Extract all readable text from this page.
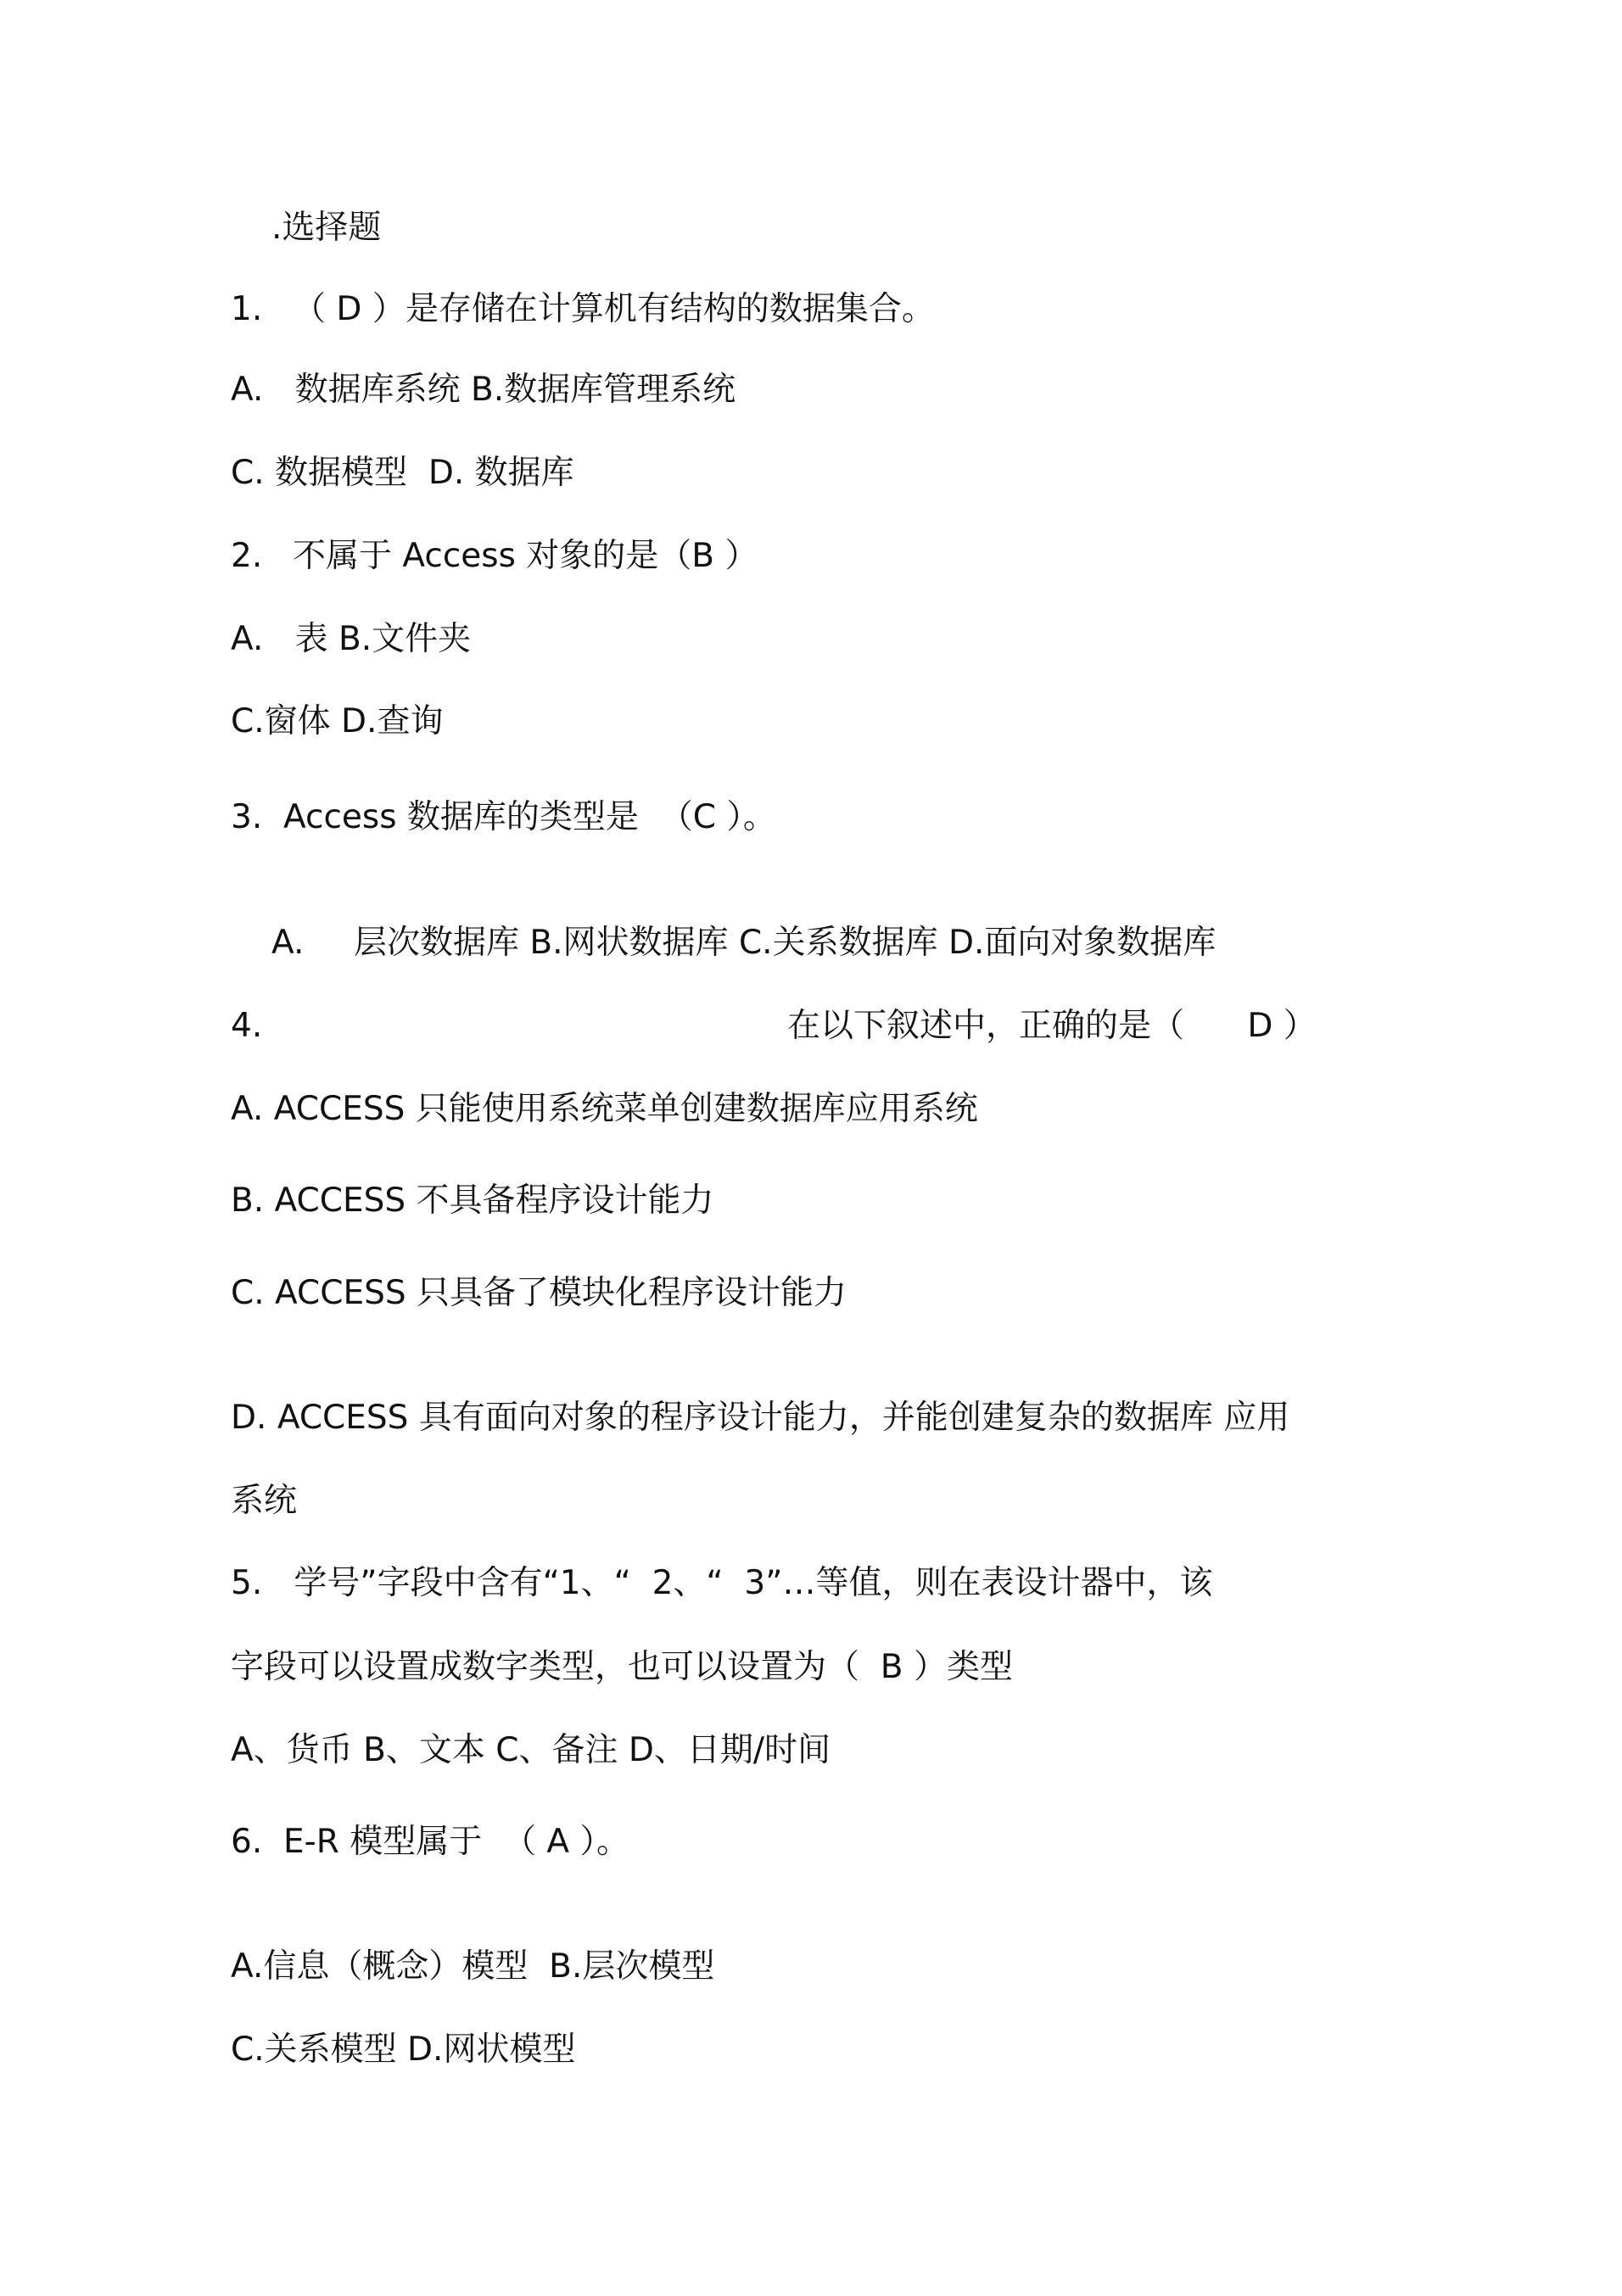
.选择题
1. （ D ）是存储在计算机有结构的数据集合。
A.   数据库系统 B.数据库管理系统
C. 数据模型  D. 数据库
2. 不属于 Access 对象的是（B ）
A.   表 B.文件夹
C.窗体 D.查询
3.  Access 数据库的类型是  （C ）。
A. 层次数据库 B.网状数据库 C.关系数据库 D.面向对象数据库
4.	在以下叙述中，正确的是（      D ）
A. ACCESS 只能使用系统菜单创建数据库应用系统
B. ACCESS 不具备程序设计能力
C. ACCESS 只具备了模块化程序设计能力
D. ACCESS 具有面向对象的程序设计能力，并能创建复杂的数据库 应用
系统
5.   学号”字段中含有“1、“  2、“  3”…等值，则在表设计器中，该
字段可以设置成数字类型，也可以设置为（  B ）类型
A、货币 B、文本 C、备注 D、日期/时间
6.  E-R 模型属于  （ A ）。
A.信息（概念）模型  B.层次模型
C.关系模型 D.网状模型
